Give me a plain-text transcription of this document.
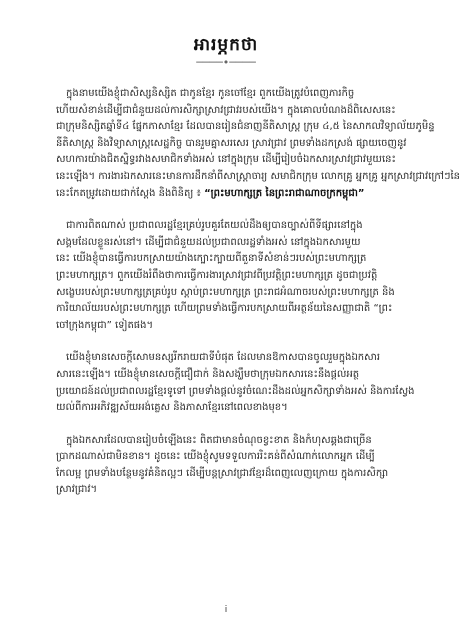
អារម្ភកថា
────•────
ក្នុងនាមយើងខ្ញុំជាសិស្សនិស្សិត ជាកូនខ្មែរ កូនចៅខ្មែរ ពួកយើងត្រូវបំពេញភារកិច្ច
ហើយសំខាន់ដើម្បីជាជំនួយដល់ការសិក្សាស្រាវជ្រាវរបស់យើង។ ក្នុងគោលបំណងដ៏ពិសេសនេះ
ជាក្រុមនិស្សិតឆ្នាំទី៤ ផ្នែកភាសាខ្មែរ ដែលបានរៀនជំនាញនីតិសាស្ត្រ ក្រុម ៤,៥ នៃសាកលវិទ្យាល័យភូមិន្ទ
នីតិសាស្ត្រ និងវិទ្យាសាស្ត្រសេដ្ឋកិច្ច បានរួមគ្នាសរសេរ ស្រាវជ្រាវ ព្រមទាំងដកស្រង់ ផ្សាយចេញនូវ
សហការយ៉ាងជិតស្និទ្ធរវាងសមាជិកទាំងអស់ នៅក្នុងក្រុម ដើម្បីរៀបចំឯកសារស្រាវជ្រាវមួយនេះ
នេះឡើង។ ការងារឯកសារនេះមានការដឹកនាំពីសាស្ត្រាចារ្យ សមាជិកក្រុម លោកគ្រូ អ្នកគ្រូ អ្នកស្រាវជ្រាវក្រៅៗនៃ
នេះកែតម្រូវដោយជាក់ស្តែង និងពិនិត្យ ៖ “ព្រះមហាក្សត្រ នៃព្រះរាជាណាចក្រកម្ពុជា”
ជាការពិតណាស់ ប្រជាពលរដ្ឋខ្មែរគ្រប់រូបគួរតែយល់ដឹងឲ្យបានច្បាស់ពីទីផ្សារនៅក្នុង
សង្គមដែលខ្លួនរស់នៅ។ ដើម្បីជាជំនួយដល់ប្រជាពលរដ្ឋទាំងអស់ នៅក្នុងឯកសារមួយ
នេះ យើងខ្ញុំបានធ្វើការបកស្រាយយ៉ាងក្បោះក្បាយពីតួនាទីសំខាន់ៗរបស់ព្រះមហាក្សត្រ
ព្រះមហាក្សត្រ។ ពួកយើងរំពឹងថាការធ្វើការងារស្រាវជ្រាវពីប្រវត្តិព្រះមហាក្សត្រ ដូចជាប្រវត្តិ
សង្ខេបរបស់ព្រះមហាក្សត្រគ្រប់រូប ស្តាប់ព្រះមហាក្សត្រ ព្រះរាជអំណាចរបស់ព្រះមហាក្សត្រ និង
ការិយាល័យរបស់ព្រះមហាក្សត្រ ហើយព្រមទាំងធ្វើការបកស្រាយពីអត្ថន័យនៃសញ្ញាជាតិ “ព្រះ
ចៅក្រុងកម្ពុជា” ទៀតផង។
យើងខ្ញុំមានសេចក្តីសោមនស្សរីករាយជាទីបំផុត ដែលមានឱកាសបានចូលរួមក្នុងឯកសារ
សារនេះឡើង។ យើងខ្ញុំមានសេចក្តីជឿជាក់ និងសង្ឃឹមថាក្រុមឯកសារនេះនឹងផ្តល់អត្ថ
ប្រយោជន៍ដល់ប្រជាពលរដ្ឋខ្មែរទូទៅ ព្រមទាំងផ្តល់នូវចំណេះដឹងដល់អ្នកសិក្សាទាំងអស់ និងការស្វែង
យល់ពីការអភិវឌ្ឍស័យអង់គ្លេស និងភាសាខ្មែរនៅពេលខាងមុខ។
ក្នុងឯកសារដែលបានរៀបចំឡើងនេះ ពិតជាមានចំណុចខ្វះខាត និងកំហុសឆ្គងជាច្រើន
ប្រាកដណាស់ជាមិនខាន។ ដូចនេះ យើងខ្ញុំសូមទទួលការរិះគន់ពីសំណាក់លោកអ្នក ដើម្បី
កែលម្អ ព្រមទាំងបន្ថែមនូវគំនិតល្អៗ ដើម្បីបន្តស្រាវជ្រាវខ្មែរដ៏ពេញលេញក្រោយ ក្នុងការសិក្សា
ស្រាវជ្រាវ។
i
